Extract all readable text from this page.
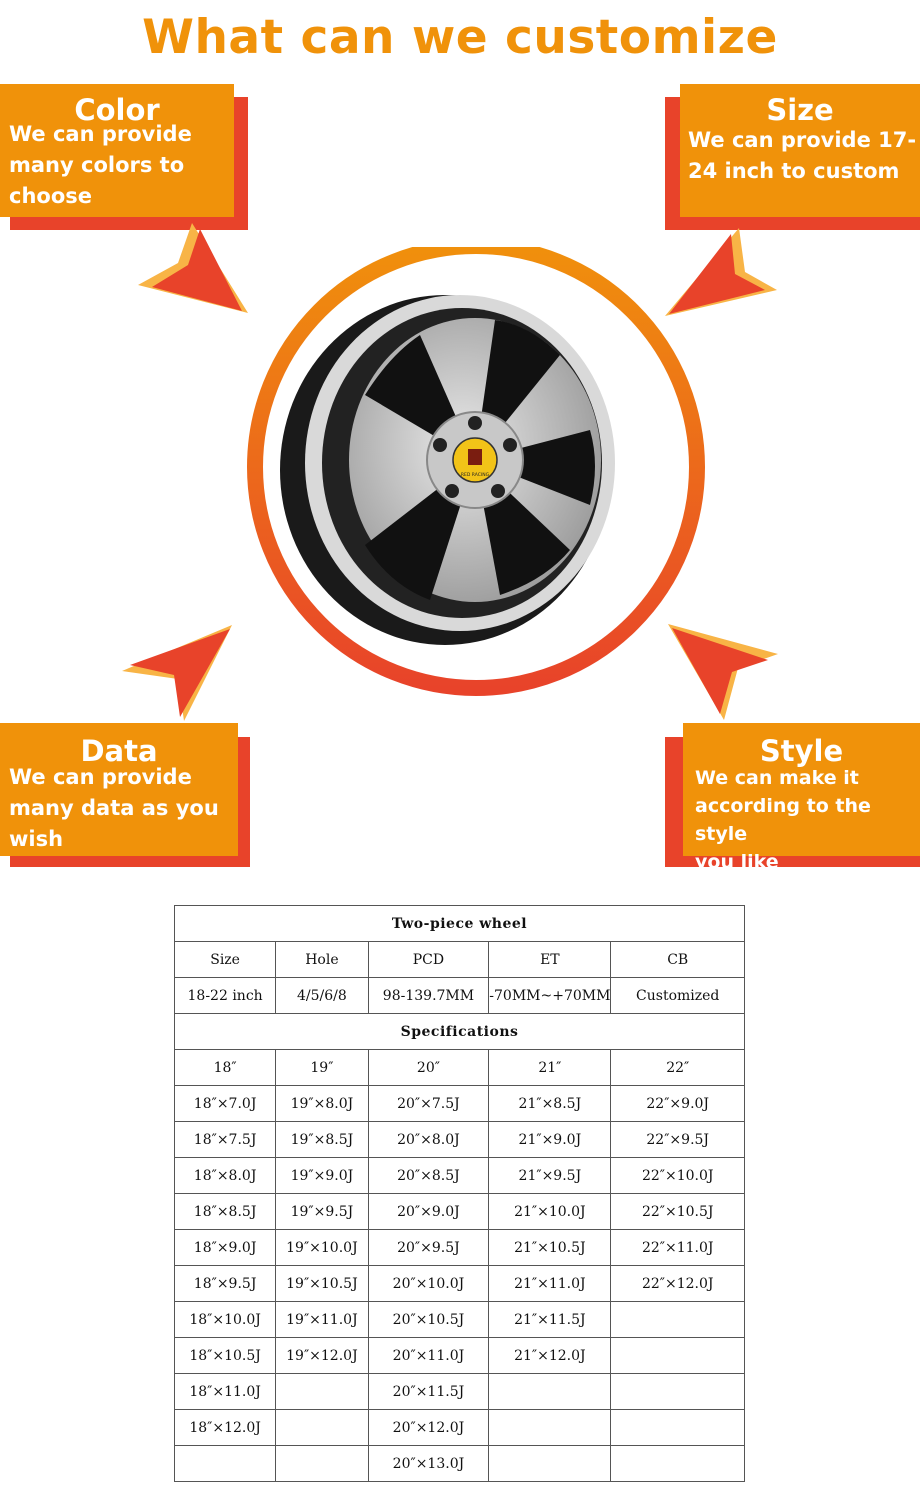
What can we customize
Color
We can provide
many colors to
choose
Size
We can provide 17-
24 inch to custom
Data
We can provide
many data as you
wish
Style
We can make it
according to the style
you like
RED RACING
Two-piece wheel				
Size	Hole	PCD	ET	CB
18-22 inch	4/5/6/8	98-139.7MM	-70MM~+70MM	Customized
Specifications				
18″	19″	20″	21″	22″
18″×7.0J	19″×8.0J	20″×7.5J	21″×8.5J	22″×9.0J
18″×7.5J	19″×8.5J	20″×8.0J	21″×9.0J	22″×9.5J
18″×8.0J	19″×9.0J	20″×8.5J	21″×9.5J	22″×10.0J
18″×8.5J	19″×9.5J	20″×9.0J	21″×10.0J	22″×10.5J
18″×9.0J	19″×10.0J	20″×9.5J	21″×10.5J	22″×11.0J
18″×9.5J	19″×10.5J	20″×10.0J	21″×11.0J	22″×12.0J
18″×10.0J	19″×11.0J	20″×10.5J	21″×11.5J	
18″×10.5J	19″×12.0J	20″×11.0J	21″×12.0J	
18″×11.0J		20″×11.5J		
18″×12.0J		20″×12.0J		
		20″×13.0J		
